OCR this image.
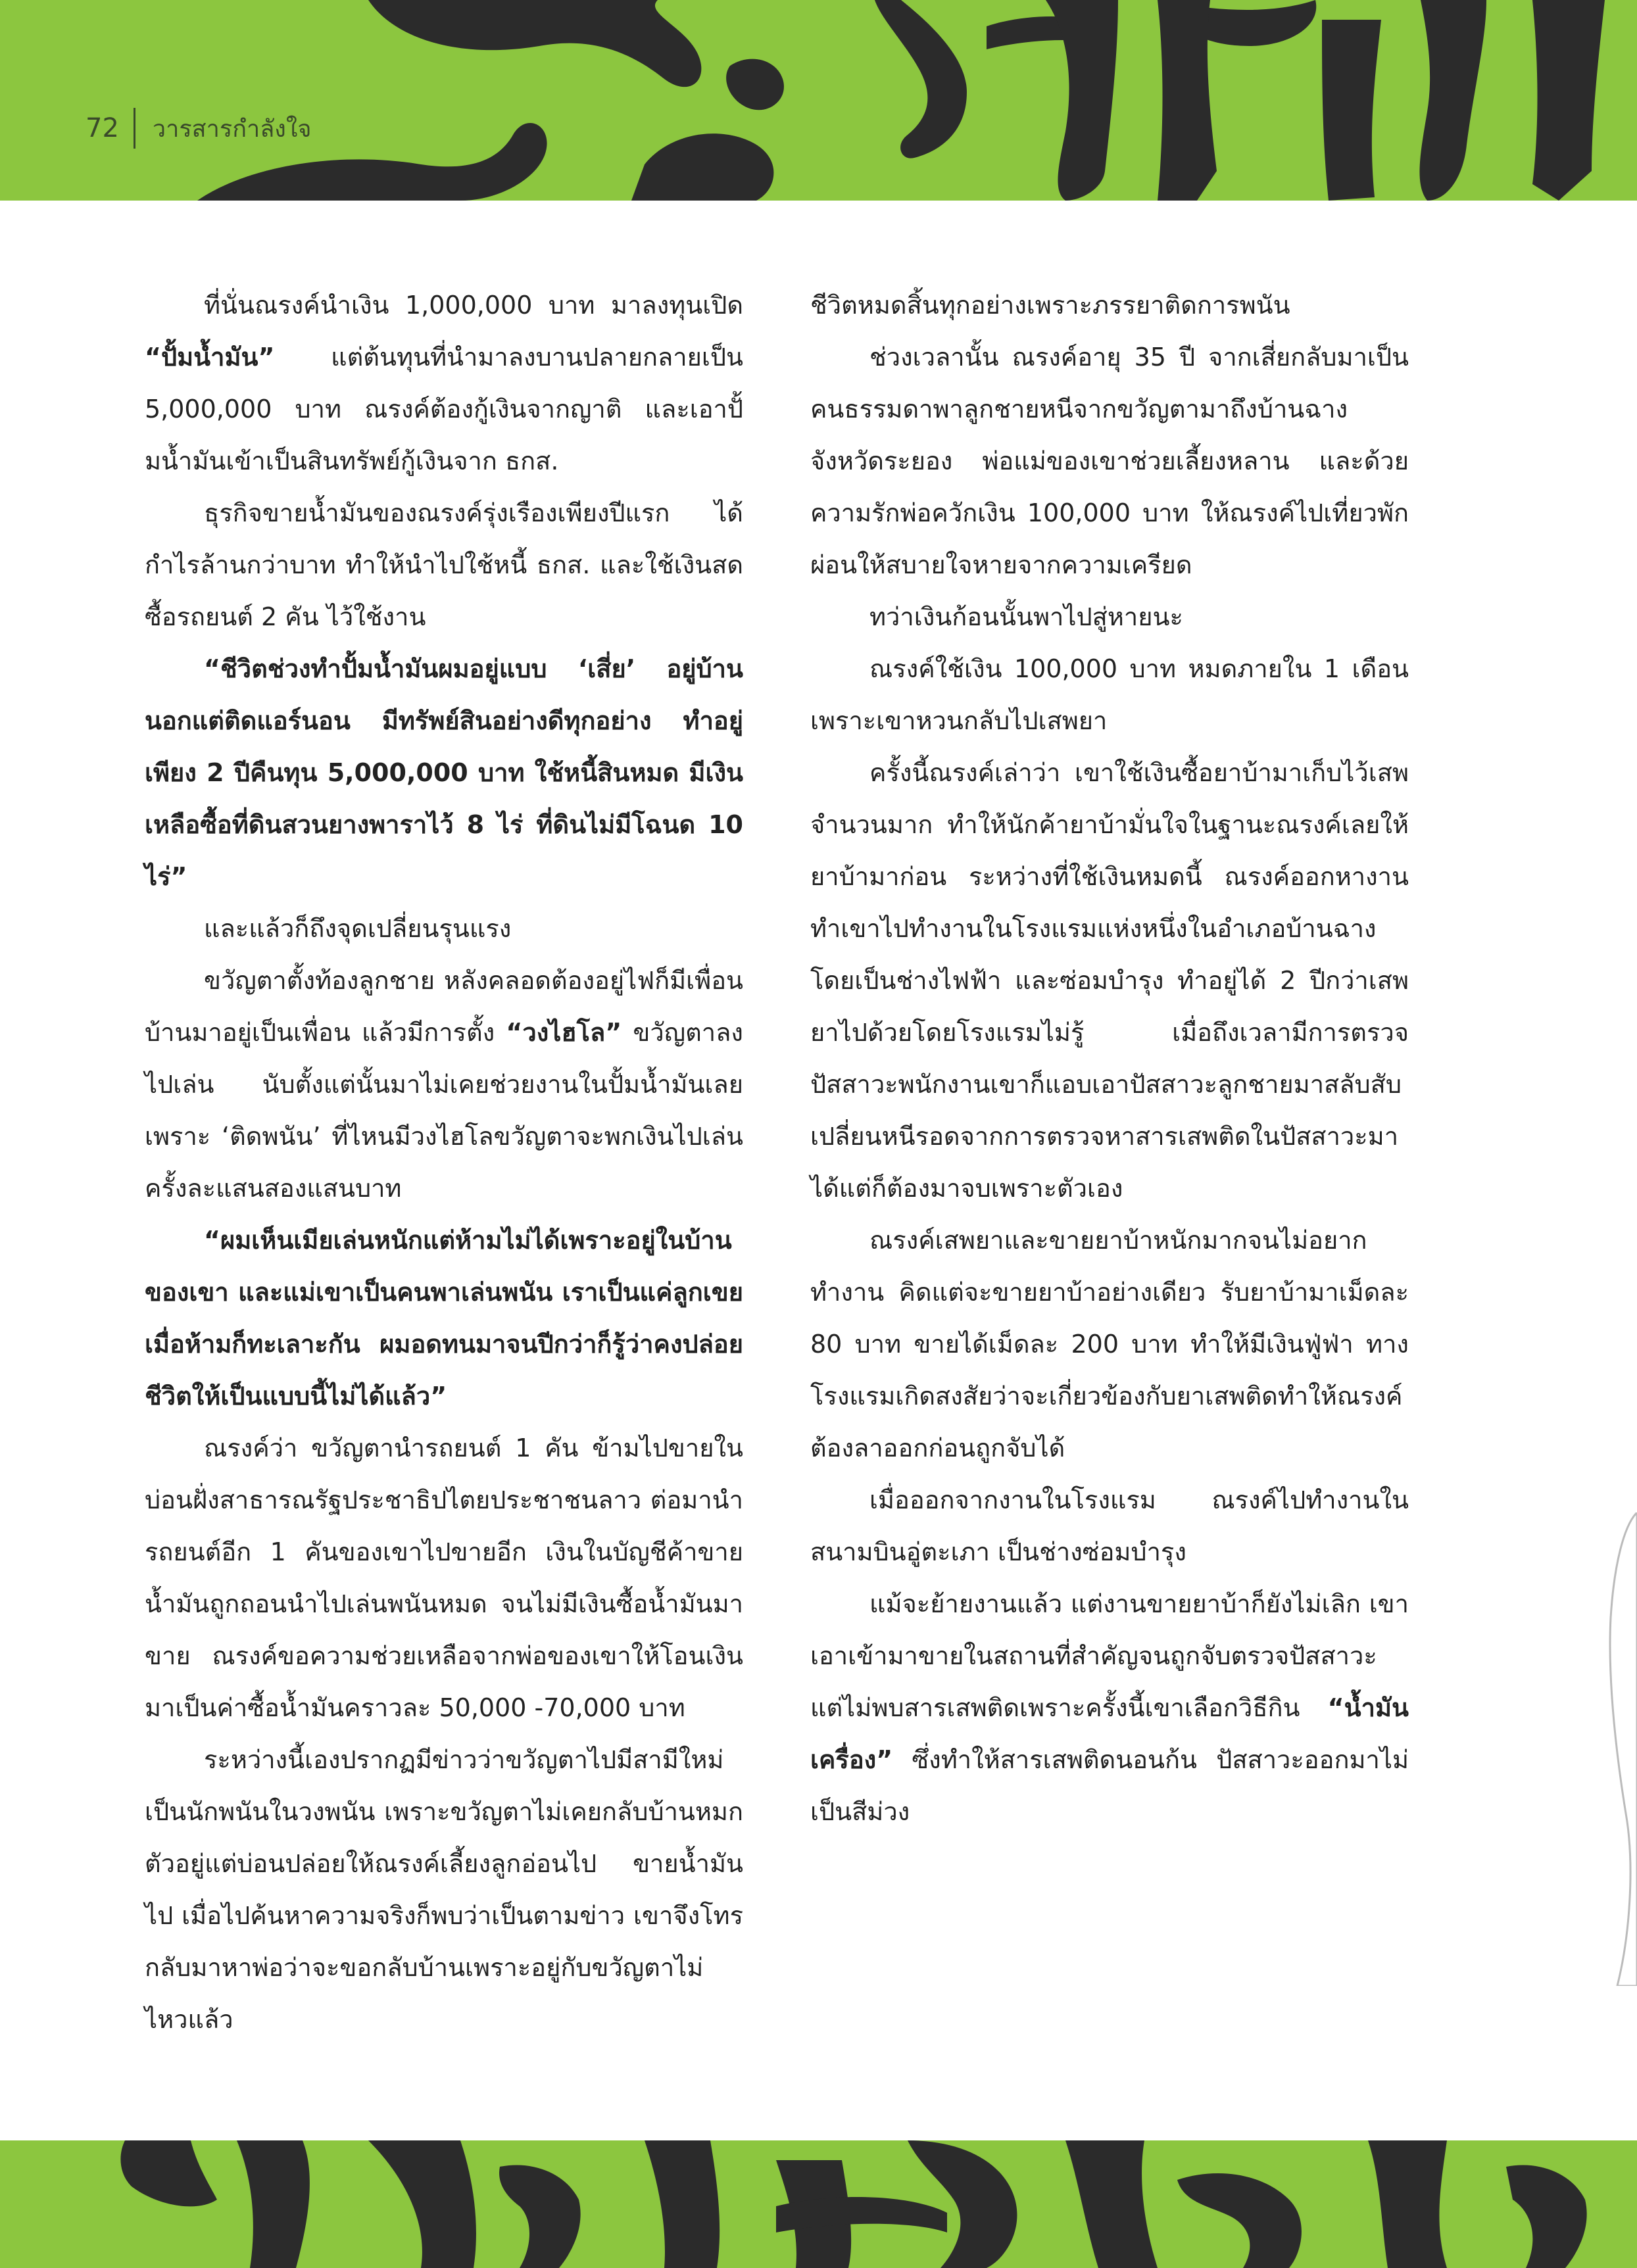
72 วารสารกำลังใจ

ที่นั่นณรงค์นำเงิน 1,000,000 บาท มาลงทุนเปิด “ปั้มน้ำมัน” แต่ต้นทุนที่นำมาลงบานปลายกลายเป็น 5,000,000 บาท ณรงค์ต้องกู้เงินจากญาติ และเอาปั้มน้ำมันเข้าเป็นสินทรัพย์กู้เงินจาก ธกส.

ธุรกิจขายน้ำมันของณรงค์รุ่งเรืองเพียงปีแรก ได้กำไรล้านกว่าบาท ทำให้นำไปใช้หนี้ ธกส. และใช้เงินสดซื้อรถยนต์ 2 คัน ไว้ใช้งาน

“ชีวิตช่วงทำปั้มน้ำมันผมอยู่แบบ ‘เสี่ย’ อยู่บ้านนอกแต่ติดแอร์นอน มีทรัพย์สินอย่างดีทุกอย่าง ทำอยู่เพียง 2 ปีคืนทุน 5,000,000 บาท ใช้หนี้สินหมด มีเงินเหลือซื้อที่ดินสวนยางพาราไว้ 8 ไร่ ที่ดินไม่มีโฉนด 10 ไร่”

และแล้วก็ถึงจุดเปลี่ยนรุนแรง

ขวัญตาตั้งท้องลูกชาย หลังคลอดต้องอยู่ไฟก็มีเพื่อนบ้านมาอยู่เป็นเพื่อน แล้วมีการตั้ง “วงไฮโล” ขวัญตาลงไปเล่น นับตั้งแต่นั้นมาไม่เคยช่วยงานในปั้มน้ำมันเลยเพราะ ‘ติดพนัน’ ที่ไหนมีวงไฮโลขวัญตาจะพกเงินไปเล่นครั้งละแสนสองแสนบาท

“ผมเห็นเมียเล่นหนักแต่ห้ามไม่ได้เพราะอยู่ในบ้านของเขา และแม่เขาเป็นคนพาเล่นพนัน เราเป็นแค่ลูกเขย เมื่อห้ามก็ทะเลาะกัน ผมอดทนมาจนปีกว่าก็รู้ว่าคงปล่อยชีวิตให้เป็นแบบนี้ไม่ได้แล้ว”

ณรงค์ว่า ขวัญตานำรถยนต์ 1 คัน ข้ามไปขายในบ่อนฝั่งสาธารณรัฐประชาธิปไตยประชาชนลาว ต่อมานำรถยนต์อีก 1 คันของเขาไปขายอีก เงินในบัญชีค้าขายน้ำมันถูกถอนนำไปเล่นพนันหมด จนไม่มีเงินซื้อน้ำมันมาขาย ณรงค์ขอความช่วยเหลือจากพ่อของเขาให้โอนเงินมาเป็นค่าซื้อน้ำมันคราวละ 50,000 -70,000 บาท

ระหว่างนี้เองปรากฏมีข่าวว่าขวัญตาไปมีสามีใหม่เป็นนักพนันในวงพนัน เพราะขวัญตาไม่เคยกลับบ้านหมกตัวอยู่แต่บ่อนปล่อยให้ณรงค์เลี้ยงลูกอ่อนไป ขายน้ำมันไป เมื่อไปค้นหาความจริงก็พบว่าเป็นตามข่าว เขาจึงโทรกลับมาหาพ่อว่าจะขอกลับบ้านเพราะอยู่กับขวัญตาไม่ไหวแล้ว

ชีวิตหมดสิ้นทุกอย่างเพราะภรรยาติดการพนัน

ช่วงเวลานั้น ณรงค์อายุ 35 ปี จากเสี่ยกลับมาเป็นคนธรรมดาพาลูกชายหนีจากขวัญตามาถึงบ้านฉาง จังหวัดระยอง พ่อแม่ของเขาช่วยเลี้ยงหลาน และด้วยความรักพ่อควักเงิน 100,000 บาท ให้ณรงค์ไปเที่ยวพักผ่อนให้สบายใจหายจากความเครียด

ทว่าเงินก้อนนั้นพาไปสู่หายนะ

ณรงค์ใช้เงิน 100,000 บาท หมดภายใน 1 เดือน เพราะเขาหวนกลับไปเสพยา

ครั้งนี้ณรงค์เล่าว่า เขาใช้เงินซื้อยาบ้ามาเก็บไว้เสพจำนวนมาก ทำให้นักค้ายาบ้ามั่นใจในฐานะณรงค์เลยให้ยาบ้ามาก่อน ระหว่างที่ใช้เงินหมดนี้ ณรงค์ออกหางานทำเขาไปทำงานในโรงแรมแห่งหนึ่งในอำเภอบ้านฉาง โดยเป็นช่างไฟฟ้า และซ่อมบำรุง ทำอยู่ได้ 2 ปีกว่าเสพยาไปด้วยโดยโรงแรมไม่รู้ เมื่อถึงเวลามีการตรวจปัสสาวะพนักงานเขาก็แอบเอาปัสสาวะลูกชายมาสลับสับเปลี่ยนหนีรอดจากการตรวจหาสารเสพติดในปัสสาวะมาได้แต่ก็ต้องมาจบเพราะตัวเอง

ณรงค์เสพยาและขายยาบ้าหนักมากจนไม่อยากทำงาน คิดแต่จะขายยาบ้าอย่างเดียว รับยาบ้ามาเม็ดละ 80 บาท ขายได้เม็ดละ 200 บาท ทำให้มีเงินฟู่ฟ่า ทางโรงแรมเกิดสงสัยว่าจะเกี่ยวข้องกับยาเสพติดทำให้ณรงค์ต้องลาออกก่อนถูกจับได้

เมื่อออกจากงานในโรงแรม ณรงค์ไปทำงานในสนามบินอู่ตะเภา เป็นช่างซ่อมบำรุง

แม้จะย้ายงานแล้ว แต่งานขายยาบ้าก็ยังไม่เลิก เขาเอาเข้ามาขายในสถานที่สำคัญจนถูกจับตรวจปัสสาวะ แต่ไม่พบสารเสพติดเพราะครั้งนี้เขาเลือกวิธีกิน “น้ำมันเครื่อง” ซึ่งทำให้สารเสพติดนอนก้น ปัสสาวะออกมาไม่เป็นสีม่วง
